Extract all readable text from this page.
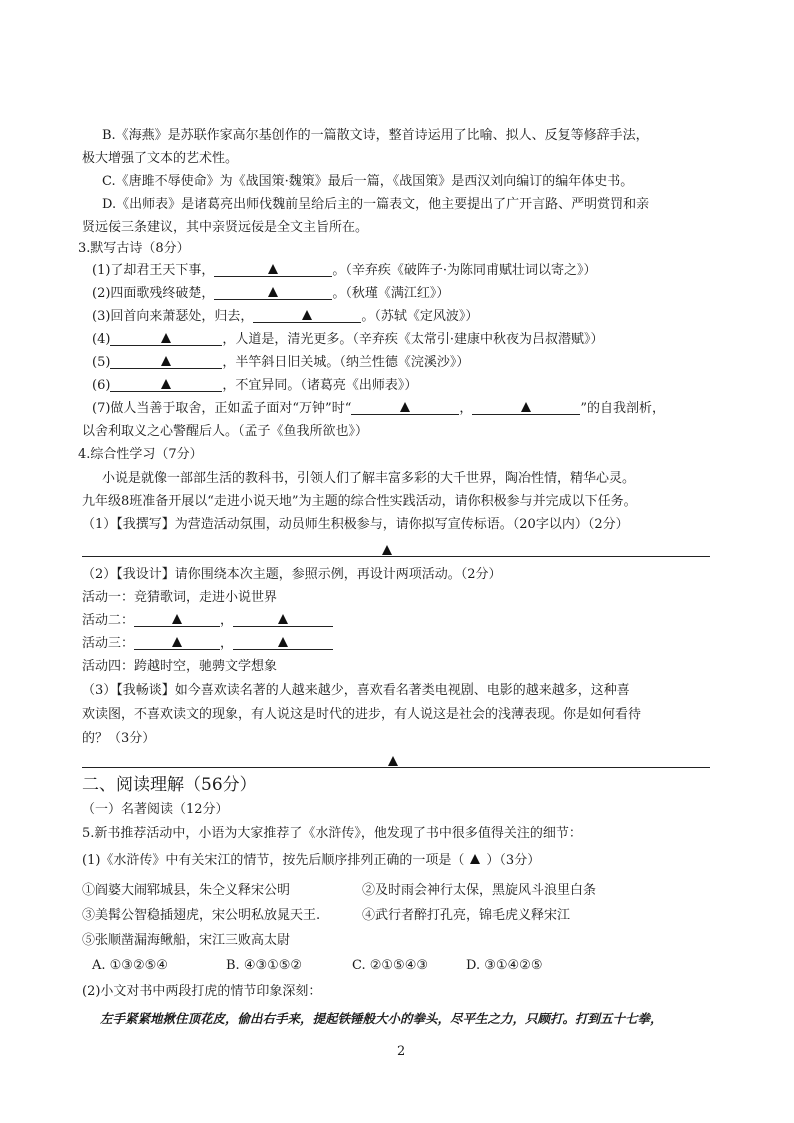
B.《海燕》是苏联作家高尔基创作的一篇散文诗，整首诗运用了比喻、拟人、反复等修辞手法，
极大增强了文本的艺术性。
C.《唐雎不辱使命》为《战国策·魏策》最后一篇，《战国策》是西汉刘向编订的编年体史书。
D.《出师表》是诸葛亮出师伐魏前呈给后主的一篇表文，他主要提出了广开言路、严明赏罚和亲
贤远佞三条建议，其中亲贤远佞是全文主旨所在。
3.默写古诗（8分）
(1)了却君王天下事，	。（辛弃疾《破阵子·为陈同甫赋壮词以寄之》）
(2)四面歌残终破楚，	。（秋瑾《满江红》）
(3)回首向来萧瑟处，归去，	。（苏轼《定风波》）
(4)	，人道是，清光更多。（辛弃疾《太常引·建康中秋夜为吕叔潜赋》）
(5)	，半竿斜日旧关城。（纳兰性德《浣溪沙》）
(6)	，不宜异同。（诸葛亮《出师表》）
(7)做人当善于取舍，正如孟子面对“万钟”时“	，	”的自我剖析，
以舍利取义之心警醒后人。（孟子《鱼我所欲也》）
4.综合性学习（7分）
小说是就像一部部生活的教科书，引领人们了解丰富多彩的大千世界，陶冶性情，精华心灵。
九年级8班准备开展以“走进小说天地”为主题的综合性实践活动，请你积极参与并完成以下任务。
（1）【我撰写】为营造活动氛围，动员师生积极参与，请你拟写宣传标语。（20字以内）（2分）
（2）【我设计】请你围绕本次主题，参照示例，再设计两项活动。（2分）
活动一：竞猜歌词，走进小说世界
活动二：	，
活动三：	，
活动四：跨越时空，驰骋文学想象
（3）【我畅谈】如今喜欢读名著的人越来越少，喜欢看名著类电视剧、电影的越来越多，这种喜
欢读图，不喜欢读文的现象，有人说这是时代的进步，有人说这是社会的浅薄表现。你是如何看待
的？（3分）
二、阅读理解（56分）
（一）名著阅读（12分）
5.新书推荐活动中，小语为大家推荐了《水浒传》，他发现了书中很多值得关注的细节：
(1)《水浒传》中有关宋江的情节，按先后顺序排列正确的一项是（ ）（3分）
①阎婆大闹郓城县，朱仝义释宋公明	②及时雨会神行太保，黑旋风斗浪里白条
③美髯公智稳插翅虎，宋公明私放晁天王.	④武行者醉打孔亮，锦毛虎义释宋江
⑤张顺凿漏海鳅船，宋江三败高太尉
A. ①③②⑤④	B. ④③①⑤②	C. ②①⑤④③	D. ③①④②⑤
(2)小文对书中两段打虎的情节印象深刻：
左手紧紧地揪住顶花皮，偷出右手来，提起铁锤般大小的拳头，尽平生之力，只顾打。打到五十七拳，
2
